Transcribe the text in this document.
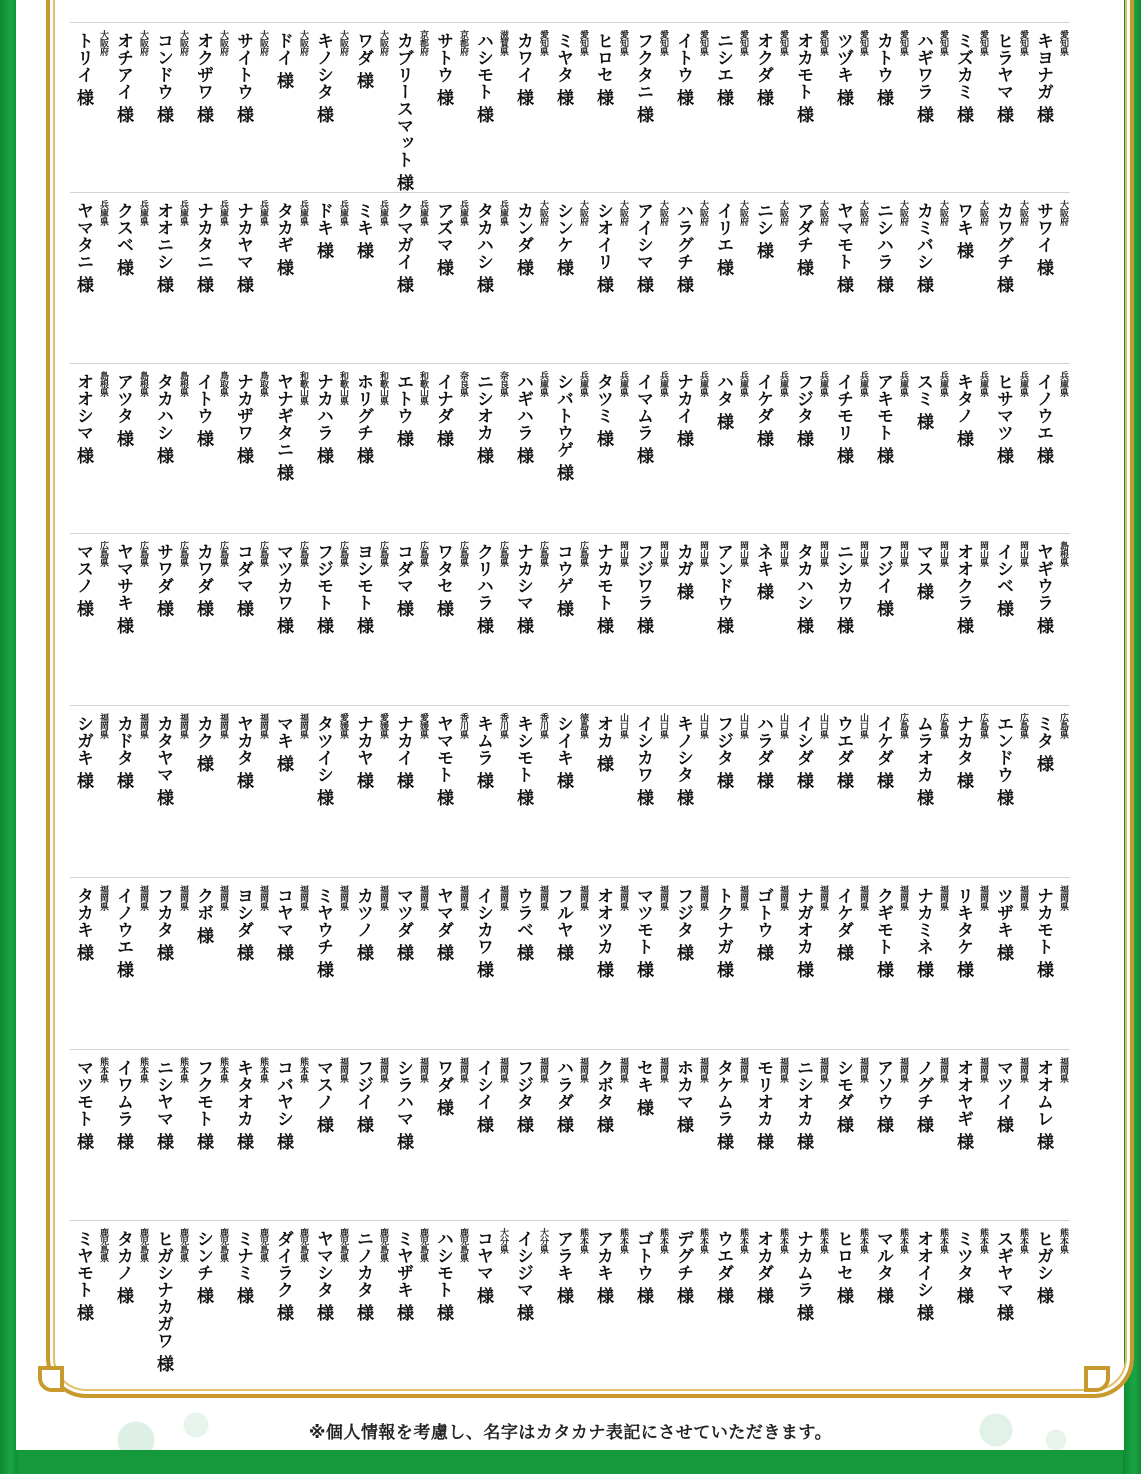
愛知県
キヨナガ 様
愛知県
ヒラヤマ 様
愛知県
ミズカミ 様
愛知県
ハギワラ 様
愛知県
カトウ 様
愛知県
ツヅキ 様
愛知県
オカモト 様
愛知県
オクダ 様
愛知県
ニシエ 様
愛知県
イトウ 様
愛知県
フクタニ 様
愛知県
ヒロセ 様
愛知県
ミヤタ 様
愛知県
カワイ 様
滋賀県
ハシモト 様
京都府
サトウ 様
京都府
カブリースマット 様
大阪府
ワダ 様
大阪府
キノシタ 様
大阪府
ドイ 様
大阪府
サイトウ 様
大阪府
オクザワ 様
大阪府
コンドウ 様
大阪府
オチアイ 様
大阪府
トリイ 様
大阪府
サワイ 様
大阪府
カワグチ 様
大阪府
ワキ 様
大阪府
カミバシ 様
大阪府
ニシハラ 様
大阪府
ヤマモト 様
大阪府
アダチ 様
大阪府
ニシ 様
大阪府
イリエ 様
大阪府
ハラグチ 様
大阪府
アイシマ 様
大阪府
シオイリ 様
大阪府
シンケ 様
大阪府
カンダ 様
兵庫県
タカハシ 様
兵庫県
アズマ 様
兵庫県
クマガイ 様
兵庫県
ミキ 様
兵庫県
ドキ 様
兵庫県
タカギ 様
兵庫県
ナカヤマ 様
兵庫県
ナカタニ 様
兵庫県
オオニシ 様
兵庫県
クスベ 様
兵庫県
ヤマタニ 様
兵庫県
イノウエ 様
兵庫県
ヒサマツ 様
兵庫県
キタノ 様
兵庫県
スミ 様
兵庫県
アキモト 様
兵庫県
イチモリ 様
兵庫県
フジタ 様
兵庫県
イケダ 様
兵庫県
ハタ 様
兵庫県
ナカイ 様
兵庫県
イマムラ 様
兵庫県
タツミ 様
兵庫県
シバトウゲ 様
兵庫県
ハギハラ 様
奈良県
ニシオカ 様
奈良県
イナダ 様
和歌山県
エトウ 様
和歌山県
ホリグチ 様
和歌山県
ナカハラ 様
和歌山県
ヤナギタニ 様
鳥取県
ナカザワ 様
鳥取県
イトウ 様
島根県
タカハシ 様
島根県
アツタ 様
島根県
オオシマ 様
島根県
ヤギウラ 様
岡山県
イシベ 様
岡山県
オオクラ 様
岡山県
マス 様
岡山県
フジイ 様
岡山県
ニシカワ 様
岡山県
タカハシ 様
岡山県
ネキ 様
岡山県
アンドウ 様
岡山県
カガ 様
岡山県
フジワラ 様
岡山県
ナカモト 様
広島県
コウゲ 様
広島県
ナカシマ 様
広島県
クリハラ 様
広島県
ワタセ 様
広島県
コダマ 様
広島県
ヨシモト 様
広島県
フジモト 様
広島県
マツカワ 様
広島県
コダマ 様
広島県
カワダ 様
広島県
サワダ 様
広島県
ヤマサキ 様
広島県
マスノ 様
広島県
ミタ 様
広島県
エンドウ 様
広島県
ナカタ 様
広島県
ムラオカ 様
広島県
イケダ 様
山口県
ウエダ 様
山口県
イシダ 様
山口県
ハラダ 様
山口県
フジタ 様
山口県
キノシタ 様
山口県
イシカワ 様
山口県
オカ 様
徳島県
シイキ 様
香川県
キシモト 様
香川県
キムラ 様
香川県
ヤマモト 様
愛媛県
ナカイ 様
愛媛県
ナカヤ 様
愛媛県
タツイシ 様
福岡県
マキ 様
福岡県
ヤカタ 様
福岡県
カク 様
福岡県
カタヤマ 様
福岡県
カドタ 様
福岡県
シガキ 様
福岡県
ナカモト 様
福岡県
ツザキ 様
福岡県
リキタケ 様
福岡県
ナカミネ 様
福岡県
クギモト 様
福岡県
イケダ 様
福岡県
ナガオカ 様
福岡県
ゴトウ 様
福岡県
トクナガ 様
福岡県
フジタ 様
福岡県
マツモト 様
福岡県
オオツカ 様
福岡県
フルヤ 様
福岡県
ウラベ 様
福岡県
イシカワ 様
福岡県
ヤマダ 様
福岡県
マツダ 様
福岡県
カツノ 様
福岡県
ミヤウチ 様
福岡県
コヤマ 様
福岡県
ヨシダ 様
福岡県
クボ 様
福岡県
フカタ 様
福岡県
イノウエ 様
福岡県
タカキ 様
福岡県
オオムレ 様
福岡県
マツイ 様
福岡県
オオヤギ 様
福岡県
ノグチ 様
福岡県
アソウ 様
福岡県
シモダ 様
福岡県
ニシオカ 様
福岡県
モリオカ 様
福岡県
タケムラ 様
福岡県
ホカマ 様
福岡県
セキ 様
福岡県
クボタ 様
福岡県
ハラダ 様
福岡県
フジタ 様
福岡県
イシイ 様
福岡県
ワダ 様
福岡県
シラハマ 様
福岡県
フジイ 様
福岡県
マスノ 様
熊本県
コバヤシ 様
熊本県
キタオカ 様
熊本県
フクモト 様
熊本県
ニシヤマ 様
熊本県
イワムラ 様
熊本県
マツモト 様
熊本県
ヒガシ 様
熊本県
スギヤマ 様
熊本県
ミツタ 様
熊本県
オオイシ 様
熊本県
マルタ 様
熊本県
ヒロセ 様
熊本県
ナカムラ 様
熊本県
オカダ 様
熊本県
ウエダ 様
熊本県
デグチ 様
熊本県
ゴトウ 様
熊本県
アカキ 様
熊本県
アラキ 様
大分県
イシジマ 様
大分県
コヤマ 様
鹿児島県
ハシモト 様
鹿児島県
ミヤザキ 様
鹿児島県
ニノカタ 様
鹿児島県
ヤマシタ 様
鹿児島県
ダイラク 様
鹿児島県
ミナミ 様
鹿児島県
シンチ 様
鹿児島県
ヒガシナカガワ 様
鹿児島県
タカノ 様
鹿児島県
ミヤモト 様
※個人情報を考慮し、名字はカタカナ表記にさせていただきます。
